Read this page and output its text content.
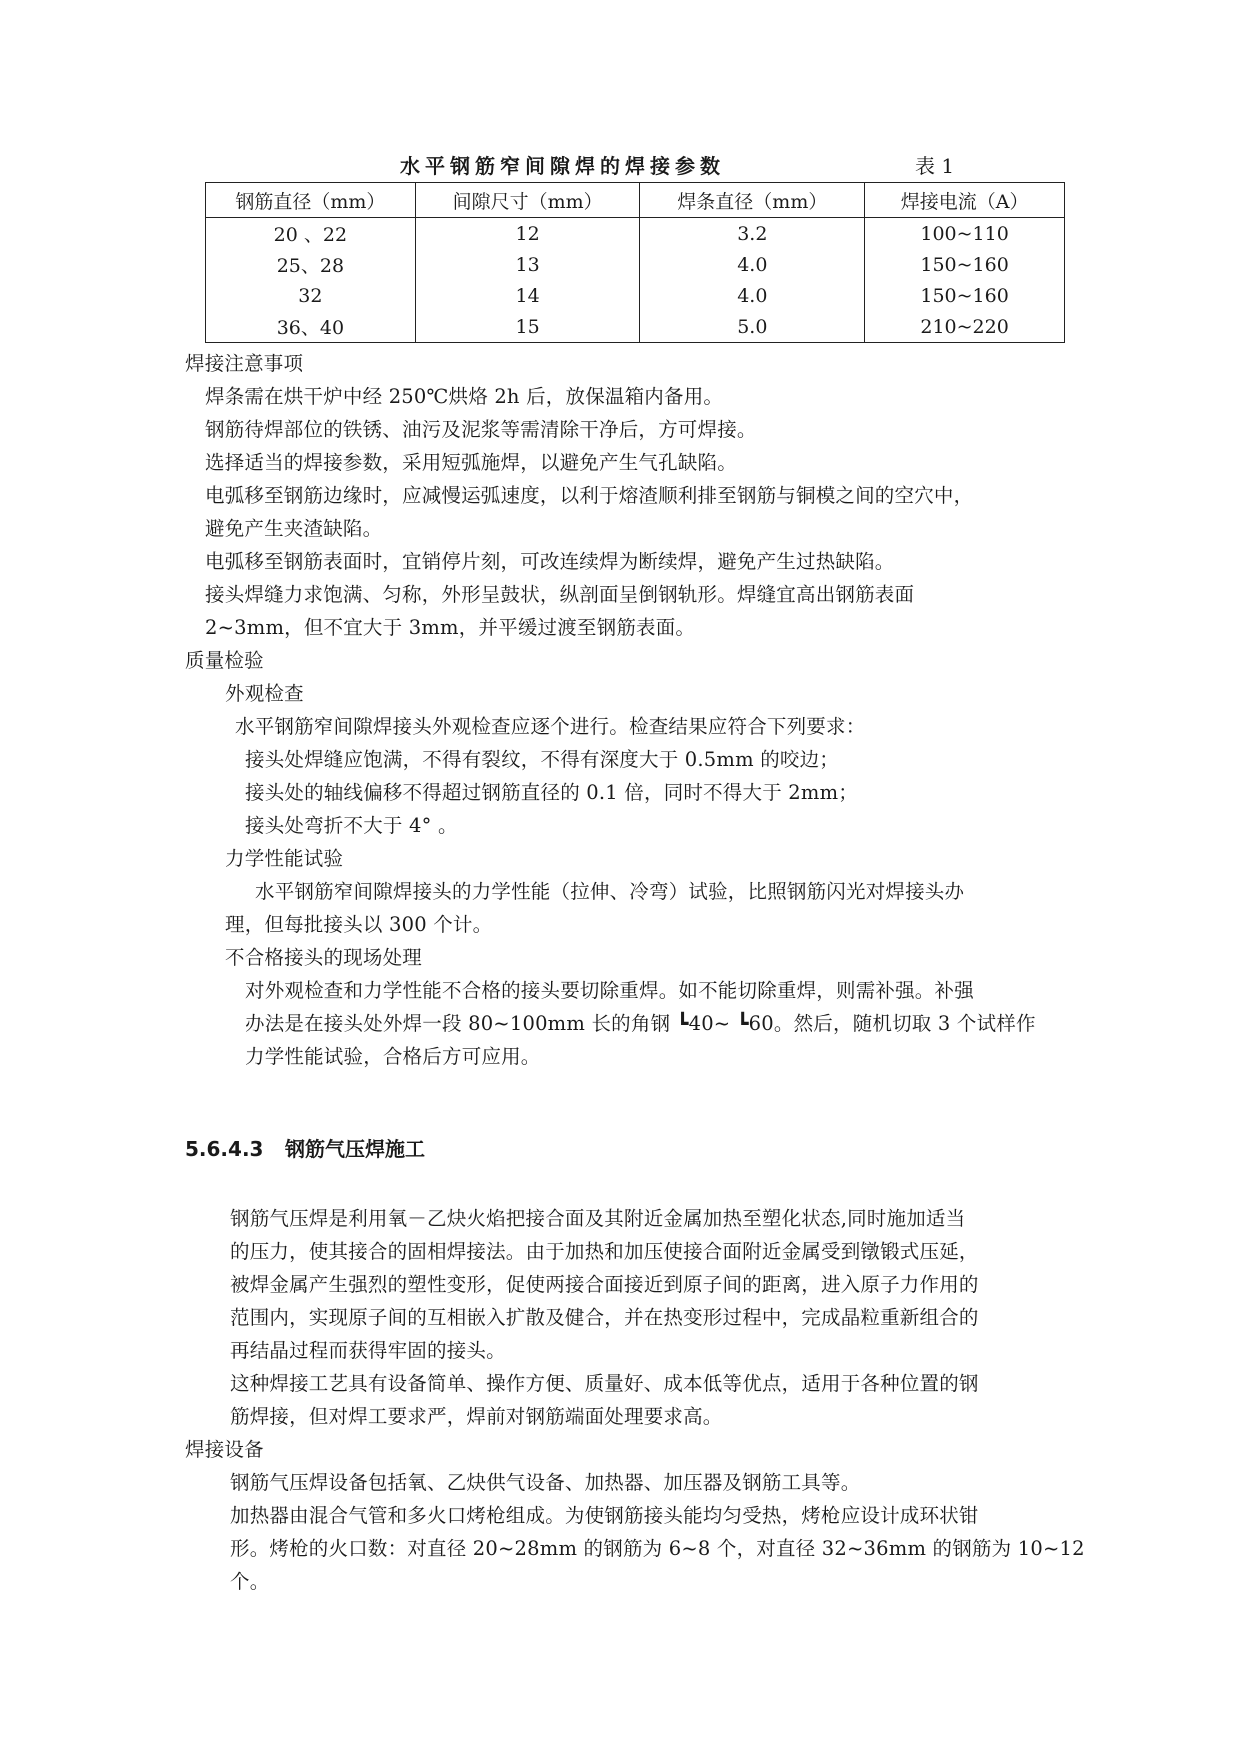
水平钢筋窄间隙焊的焊接参数	表 1
钢筋直径（mm）	间隙尺寸（mm）	焊条直径（mm）	焊接电流（A）
20 、22	12	3.2	100~110
25、28	13	4.0	150~160
32	14	4.0	150~160
36、40	15	5.0	210~220
焊接注意事项
焊条需在烘干炉中经 250℃烘烙 2h 后，放保温箱内备用。
钢筋待焊部位的铁锈、油污及泥浆等需清除干净后，方可焊接。
选择适当的焊接参数，采用短弧施焊，以避免产生气孔缺陷。
电弧移至钢筋边缘时，应减慢运弧速度，以利于熔渣顺利排至钢筋与铜模之间的空穴中，
避免产生夹渣缺陷。
电弧移至钢筋表面时，宜销停片刻，可改连续焊为断续焊，避免产生过热缺陷。
接头焊缝力求饱满、匀称，外形呈鼓状，纵剖面呈倒钢轨形。焊缝宜高出钢筋表面
2~3mm，但不宜大于 3mm，并平缓过渡至钢筋表面。
质量检验
外观检查
水平钢筋窄间隙焊接头外观检查应逐个进行。检查结果应符合下列要求：
接头处焊缝应饱满，不得有裂纹，不得有深度大于 0.5mm 的咬边；
接头处的轴线偏移不得超过钢筋直径的 0.1 倍，同时不得大于 2mm；
接头处弯折不大于 4° 。
力学性能试验
水平钢筋窄间隙焊接头的力学性能（拉伸、冷弯）试验，比照钢筋闪光对焊接头办
理，但每批接头以 300 个计。
不合格接头的现场处理
对外观检查和力学性能不合格的接头要切除重焊。如不能切除重焊，则需补强。补强
办法是在接头处外焊一段 80~100mm 长的角钢 ┗40~ ┗60。然后，随机切取 3 个试样作
力学性能试验，合格后方可应用。
5.6.4.3 钢筋气压焊施工
钢筋气压焊是利用氧－乙炔火焰把接合面及其附近金属加热至塑化状态,同时施加适当
的压力，使其接合的固相焊接法。由于加热和加压使接合面附近金属受到镦锻式压延，
被焊金属产生强烈的塑性变形，促使两接合面接近到原子间的距离，进入原子力作用的
范围内，实现原子间的互相嵌入扩散及健合，并在热变形过程中，完成晶粒重新组合的
再结晶过程而获得牢固的接头。
这种焊接工艺具有设备简单、操作方便、质量好、成本低等优点，适用于各种位置的钢
筋焊接，但对焊工要求严，焊前对钢筋端面处理要求高。
焊接设备
钢筋气压焊设备包括氧、乙炔供气设备、加热器、加压器及钢筋工具等。
加热器由混合气管和多火口烤枪组成。为使钢筋接头能均匀受热，烤枪应设计成环状钳
形。烤枪的火口数：对直径 20~28mm 的钢筋为 6~8 个，对直径 32~36mm 的钢筋为 10~12
个。
